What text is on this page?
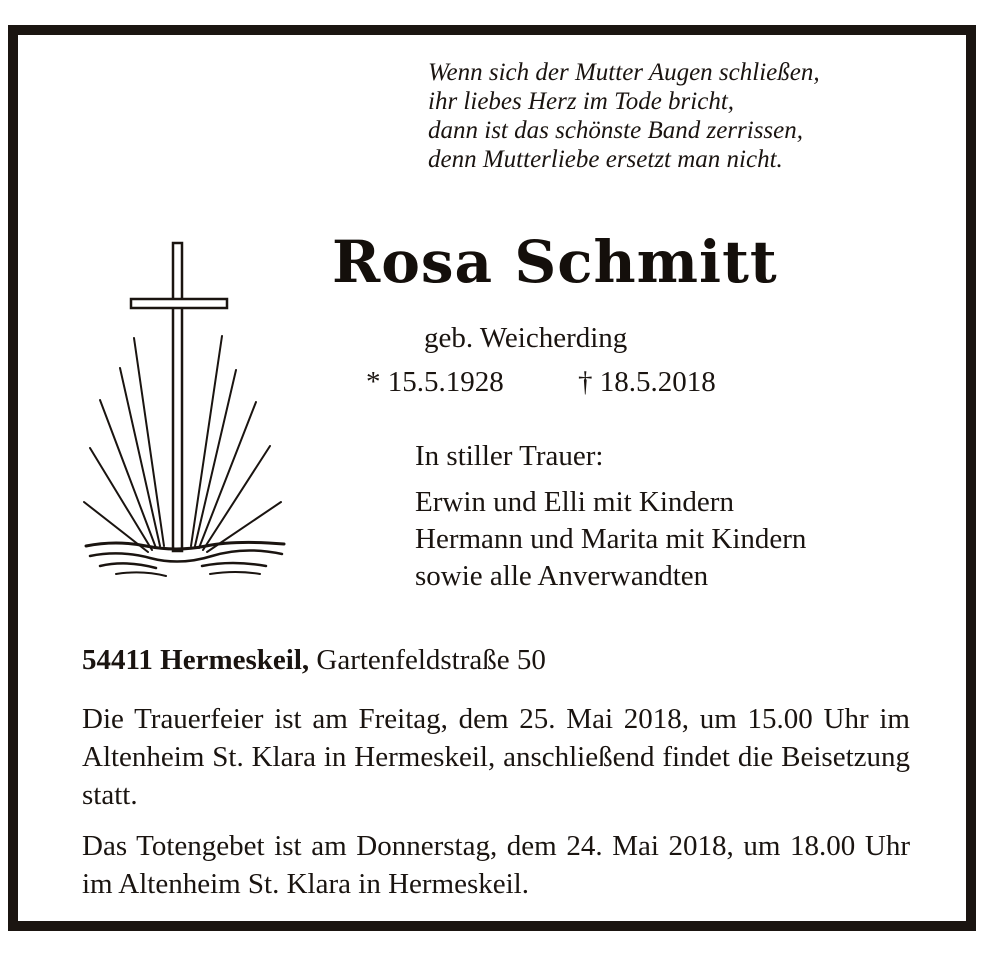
Wenn sich der Mutter Augen schließen,
ihr liebes Herz im Tode bricht,
dann ist das schönste Band zerrissen,
denn Mutterliebe ersetzt man nicht.
Rosa Schmitt
geb. Weicherding
* 15.5.1928	† 18.5.2018
In stiller Trauer:
Erwin und Elli mit Kindern
Hermann und Marita mit Kindern
sowie alle Anverwandten
54411 Hermeskeil, Gartenfeldstraße 50
Die Trauerfeier ist am Freitag, dem 25. Mai 2018, um 15.00 Uhr im Altenheim St. Klara in Hermeskeil, anschließend findet die Beisetzung statt.
Das Totengebet ist am Donnerstag, dem 24. Mai 2018, um 18.00 Uhr im Altenheim St. Klara in Hermeskeil.
